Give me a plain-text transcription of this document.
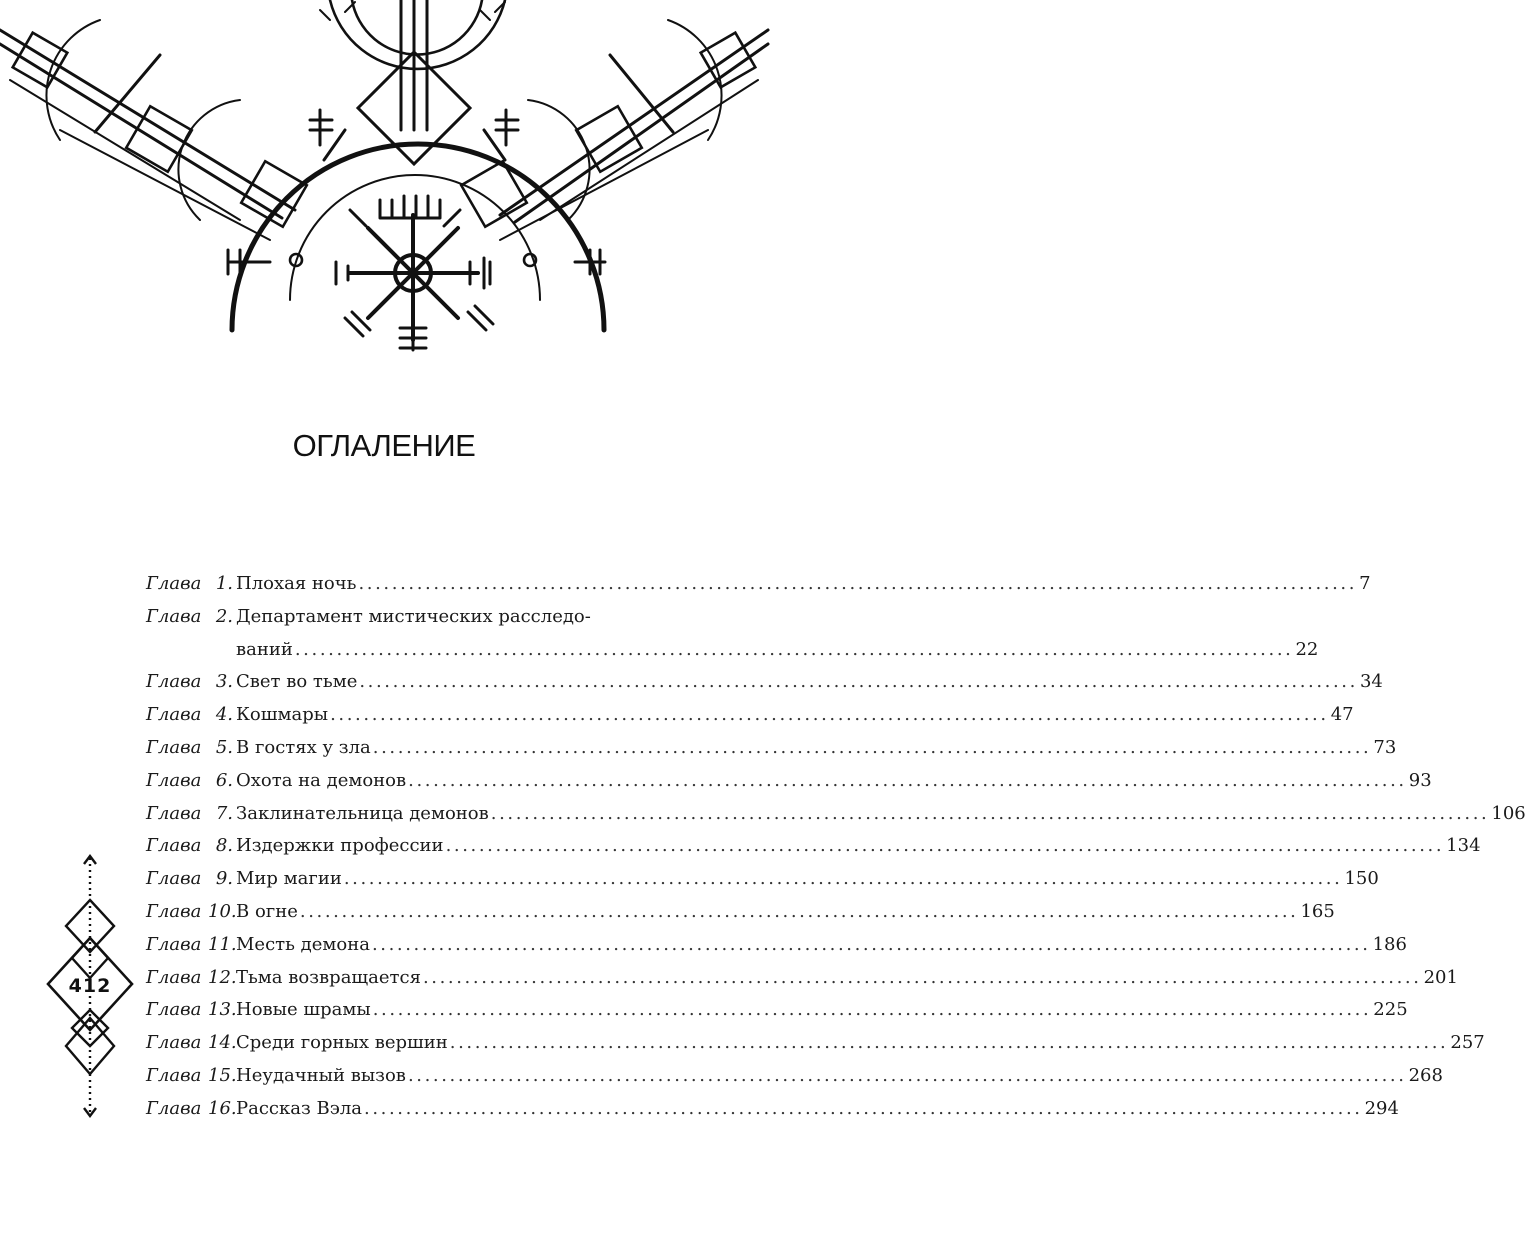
ОГЛАЛЕНИЕ
Глава 1. Плохая ночь ........................................................................................................................ 7
Глава 2. Департамент мистических расследо-
ваний ........................................................................................................................ 22
Глава 3. Свет во тьме ........................................................................................................................ 34
Глава 4. Кошмары ........................................................................................................................ 47
Глава 5. В гостях у зла ........................................................................................................................ 73
Глава 6. Охота на демонов ........................................................................................................................ 93
Глава 7. Заклинательница демонов ........................................................................................................................ 106
Глава 8. Издержки профессии ........................................................................................................................ 134
Глава 9. Мир магии ........................................................................................................................ 150
Глава 10. В огне ........................................................................................................................ 165
Глава 11. Месть демона ........................................................................................................................ 186
Глава 12. Тьма возвращается ........................................................................................................................ 201
Глава 13. Новые шрамы ........................................................................................................................ 225
Глава 14. Среди горных вершин ........................................................................................................................ 257
Глава 15. Неудачный вызов ........................................................................................................................ 268
Глава 16. Рассказ Вэла ........................................................................................................................ 294
412
